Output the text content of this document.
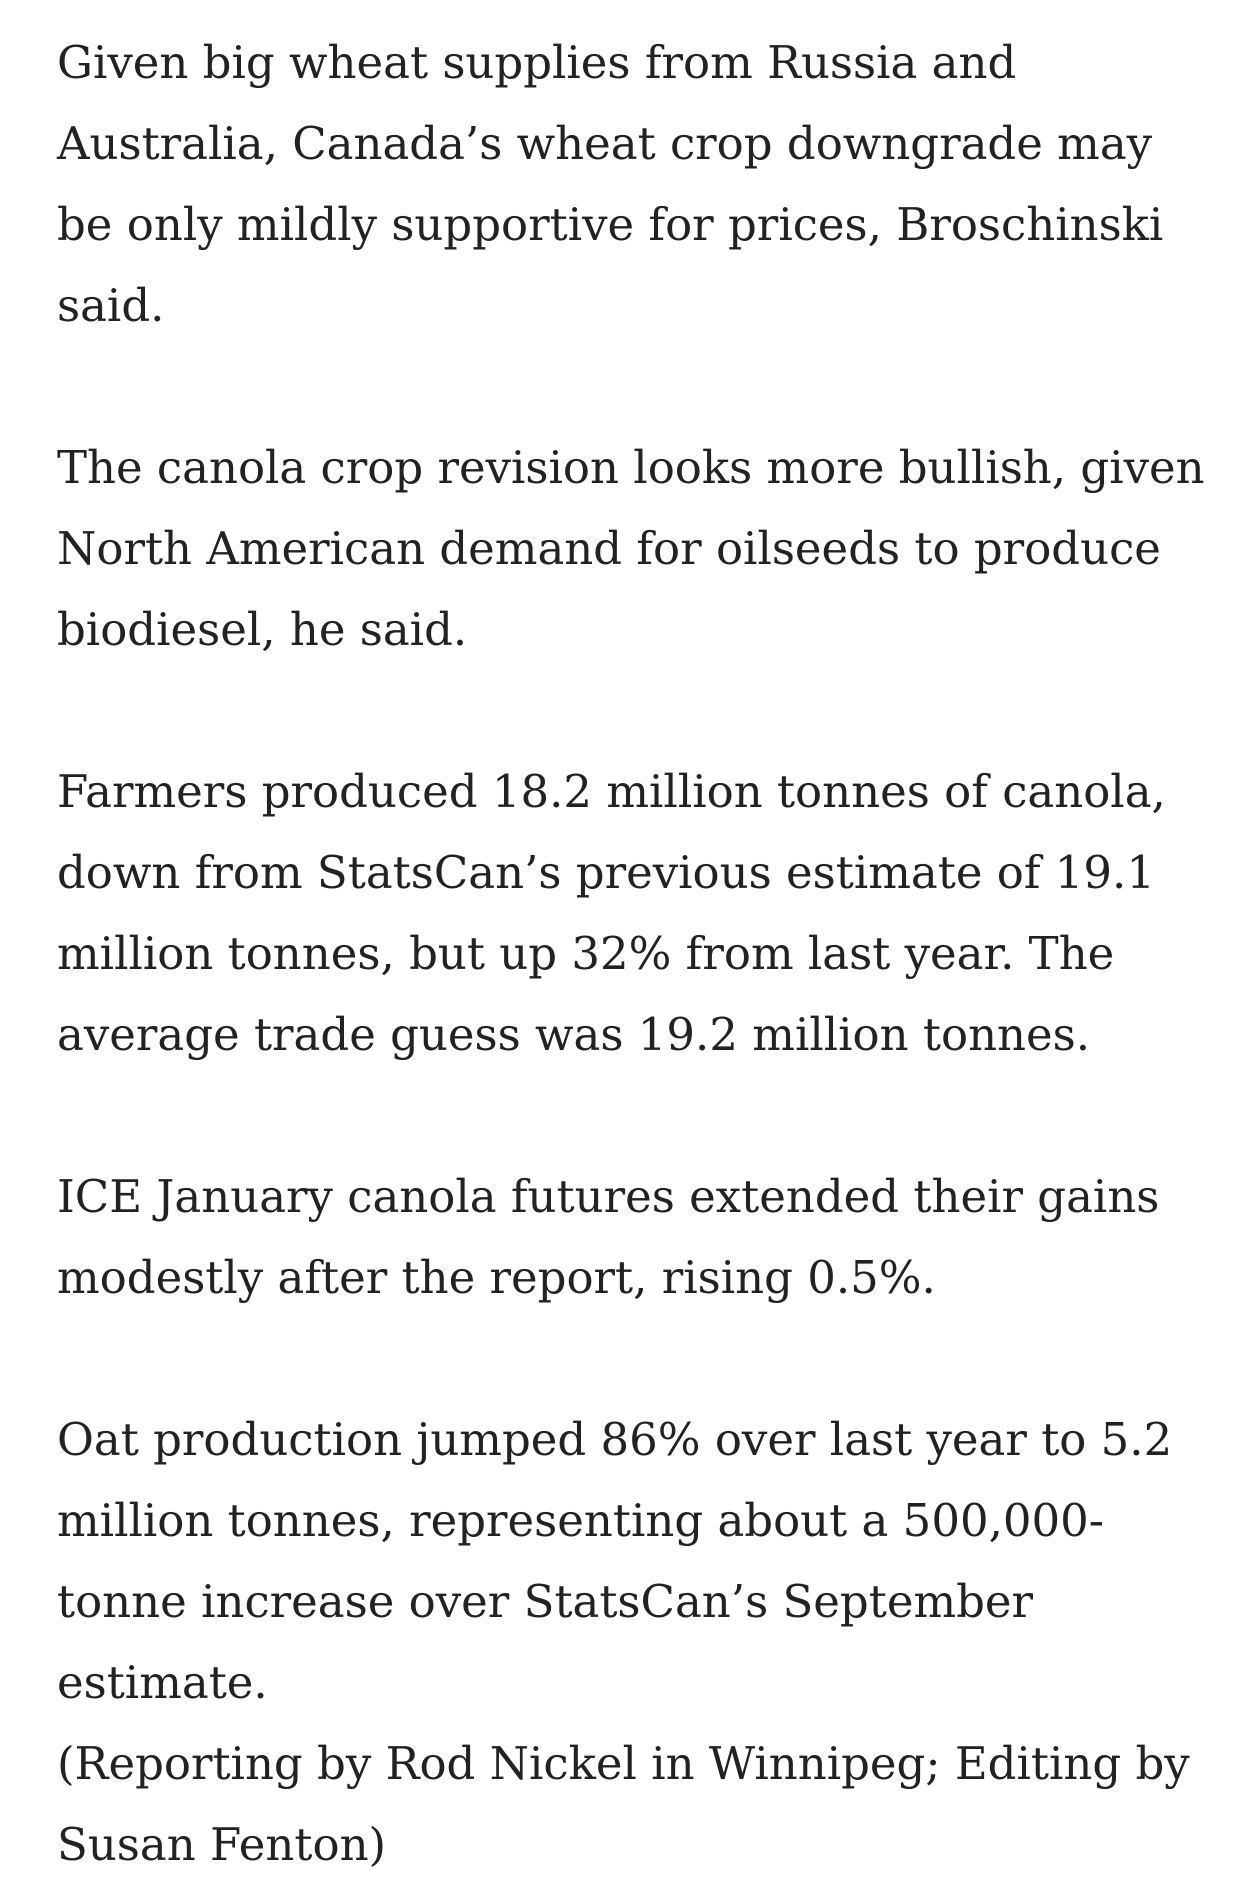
Given big wheat supplies from Russia and Australia, Canada’s wheat crop downgrade may be only mildly supportive for prices, Broschinski said.

The canola crop revision looks more bullish, given North American demand for oilseeds to produce biodiesel, he said.

Farmers produced 18.2 million tonnes of canola, down from StatsCan’s previous estimate of 19.1 million tonnes, but up 32% from last year. The average trade guess was 19.2 million tonnes.

ICE January canola futures extended their gains modestly after the report, rising 0.5%.

Oat production jumped 86% over last year to 5.2 million tonnes, representing about a 500,000-tonne increase over StatsCan’s September estimate.

(Reporting by Rod Nickel in Winnipeg; Editing by Susan Fenton)
